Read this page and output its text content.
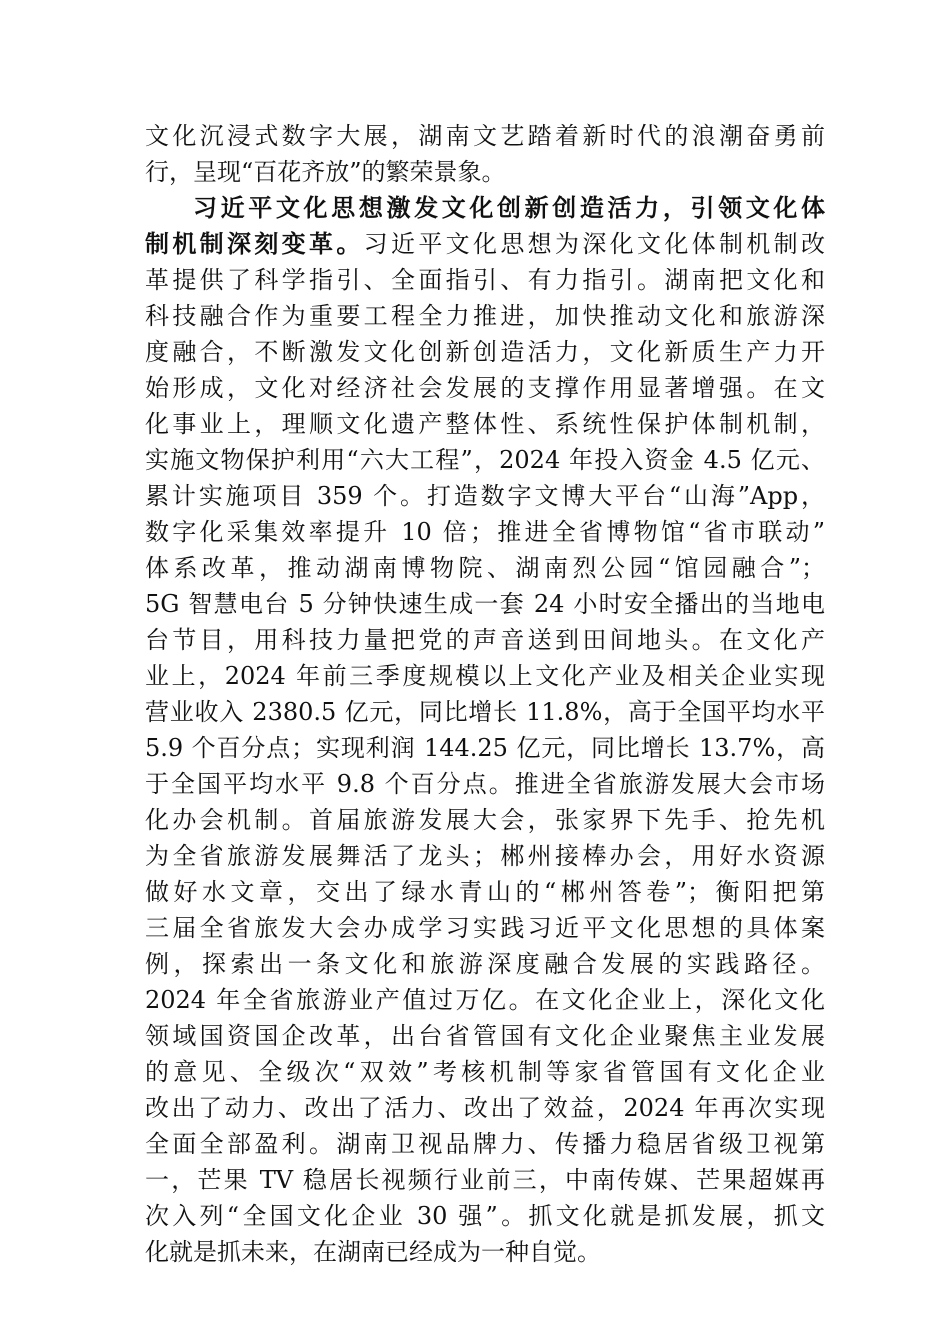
文化沉浸式数字大展，湖南文艺踏着新时代的浪潮奋勇前
行，呈现“百花齐放”的繁荣景象。
习近平文化思想激发文化创新创造活力，引领文化体
制机制深刻变革。习近平文化思想为深化文化体制机制改
革提供了科学指引、全面指引、有力指引。湖南把文化和
科技融合作为重要工程全力推进，加快推动文化和旅游深
度融合，不断激发文化创新创造活力，文化新质生产力开
始形成，文化对经济社会发展的支撑作用显著增强。在文
化事业上，理顺文化遗产整体性、系统性保护体制机制，
实施文物保护利用“六大工程”，2024 年投入资金 4.5 亿元、
累计实施项目 359 个。打造数字文博大平台“山海”App，
数字化采集效率提升 10 倍；推进全省博物馆“省市联动”
体系改革，推动湖南博物院、湖南烈公园“馆园融合”；
5G 智慧电台 5 分钟快速生成一套 24 小时安全播出的当地电
台节目，用科技力量把党的声音送到田间地头。在文化产
业上，2024 年前三季度规模以上文化产业及相关企业实现
营业收入 2380.5 亿元，同比增长 11.8%，高于全国平均水平
5.9 个百分点；实现利润 144.25 亿元，同比增长 13.7%，高
于全国平均水平 9.8 个百分点。推进全省旅游发展大会市场
化办会机制。首届旅游发展大会，张家界下先手、抢先机
为全省旅游发展舞活了龙头；郴州接棒办会，用好水资源
做好水文章，交出了绿水青山的“郴州答卷”；衡阳把第
三届全省旅发大会办成学习实践习近平文化思想的具体案
例，探索出一条文化和旅游深度融合发展的实践路径。
2024 年全省旅游业产值过万亿。在文化企业上，深化文化
领域国资国企改革，出台省管国有文化企业聚焦主业发展
的意见、全级次“双效”考核机制等家省管国有文化企业
改出了动力、改出了活力、改出了效益，2024 年再次实现
全面全部盈利。湖南卫视品牌力、传播力稳居省级卫视第
一，芒果 TV 稳居长视频行业前三，中南传媒、芒果超媒再
次入列“全国文化企业 30 强”。抓文化就是抓发展，抓文
化就是抓未来，在湖南已经成为一种自觉。
